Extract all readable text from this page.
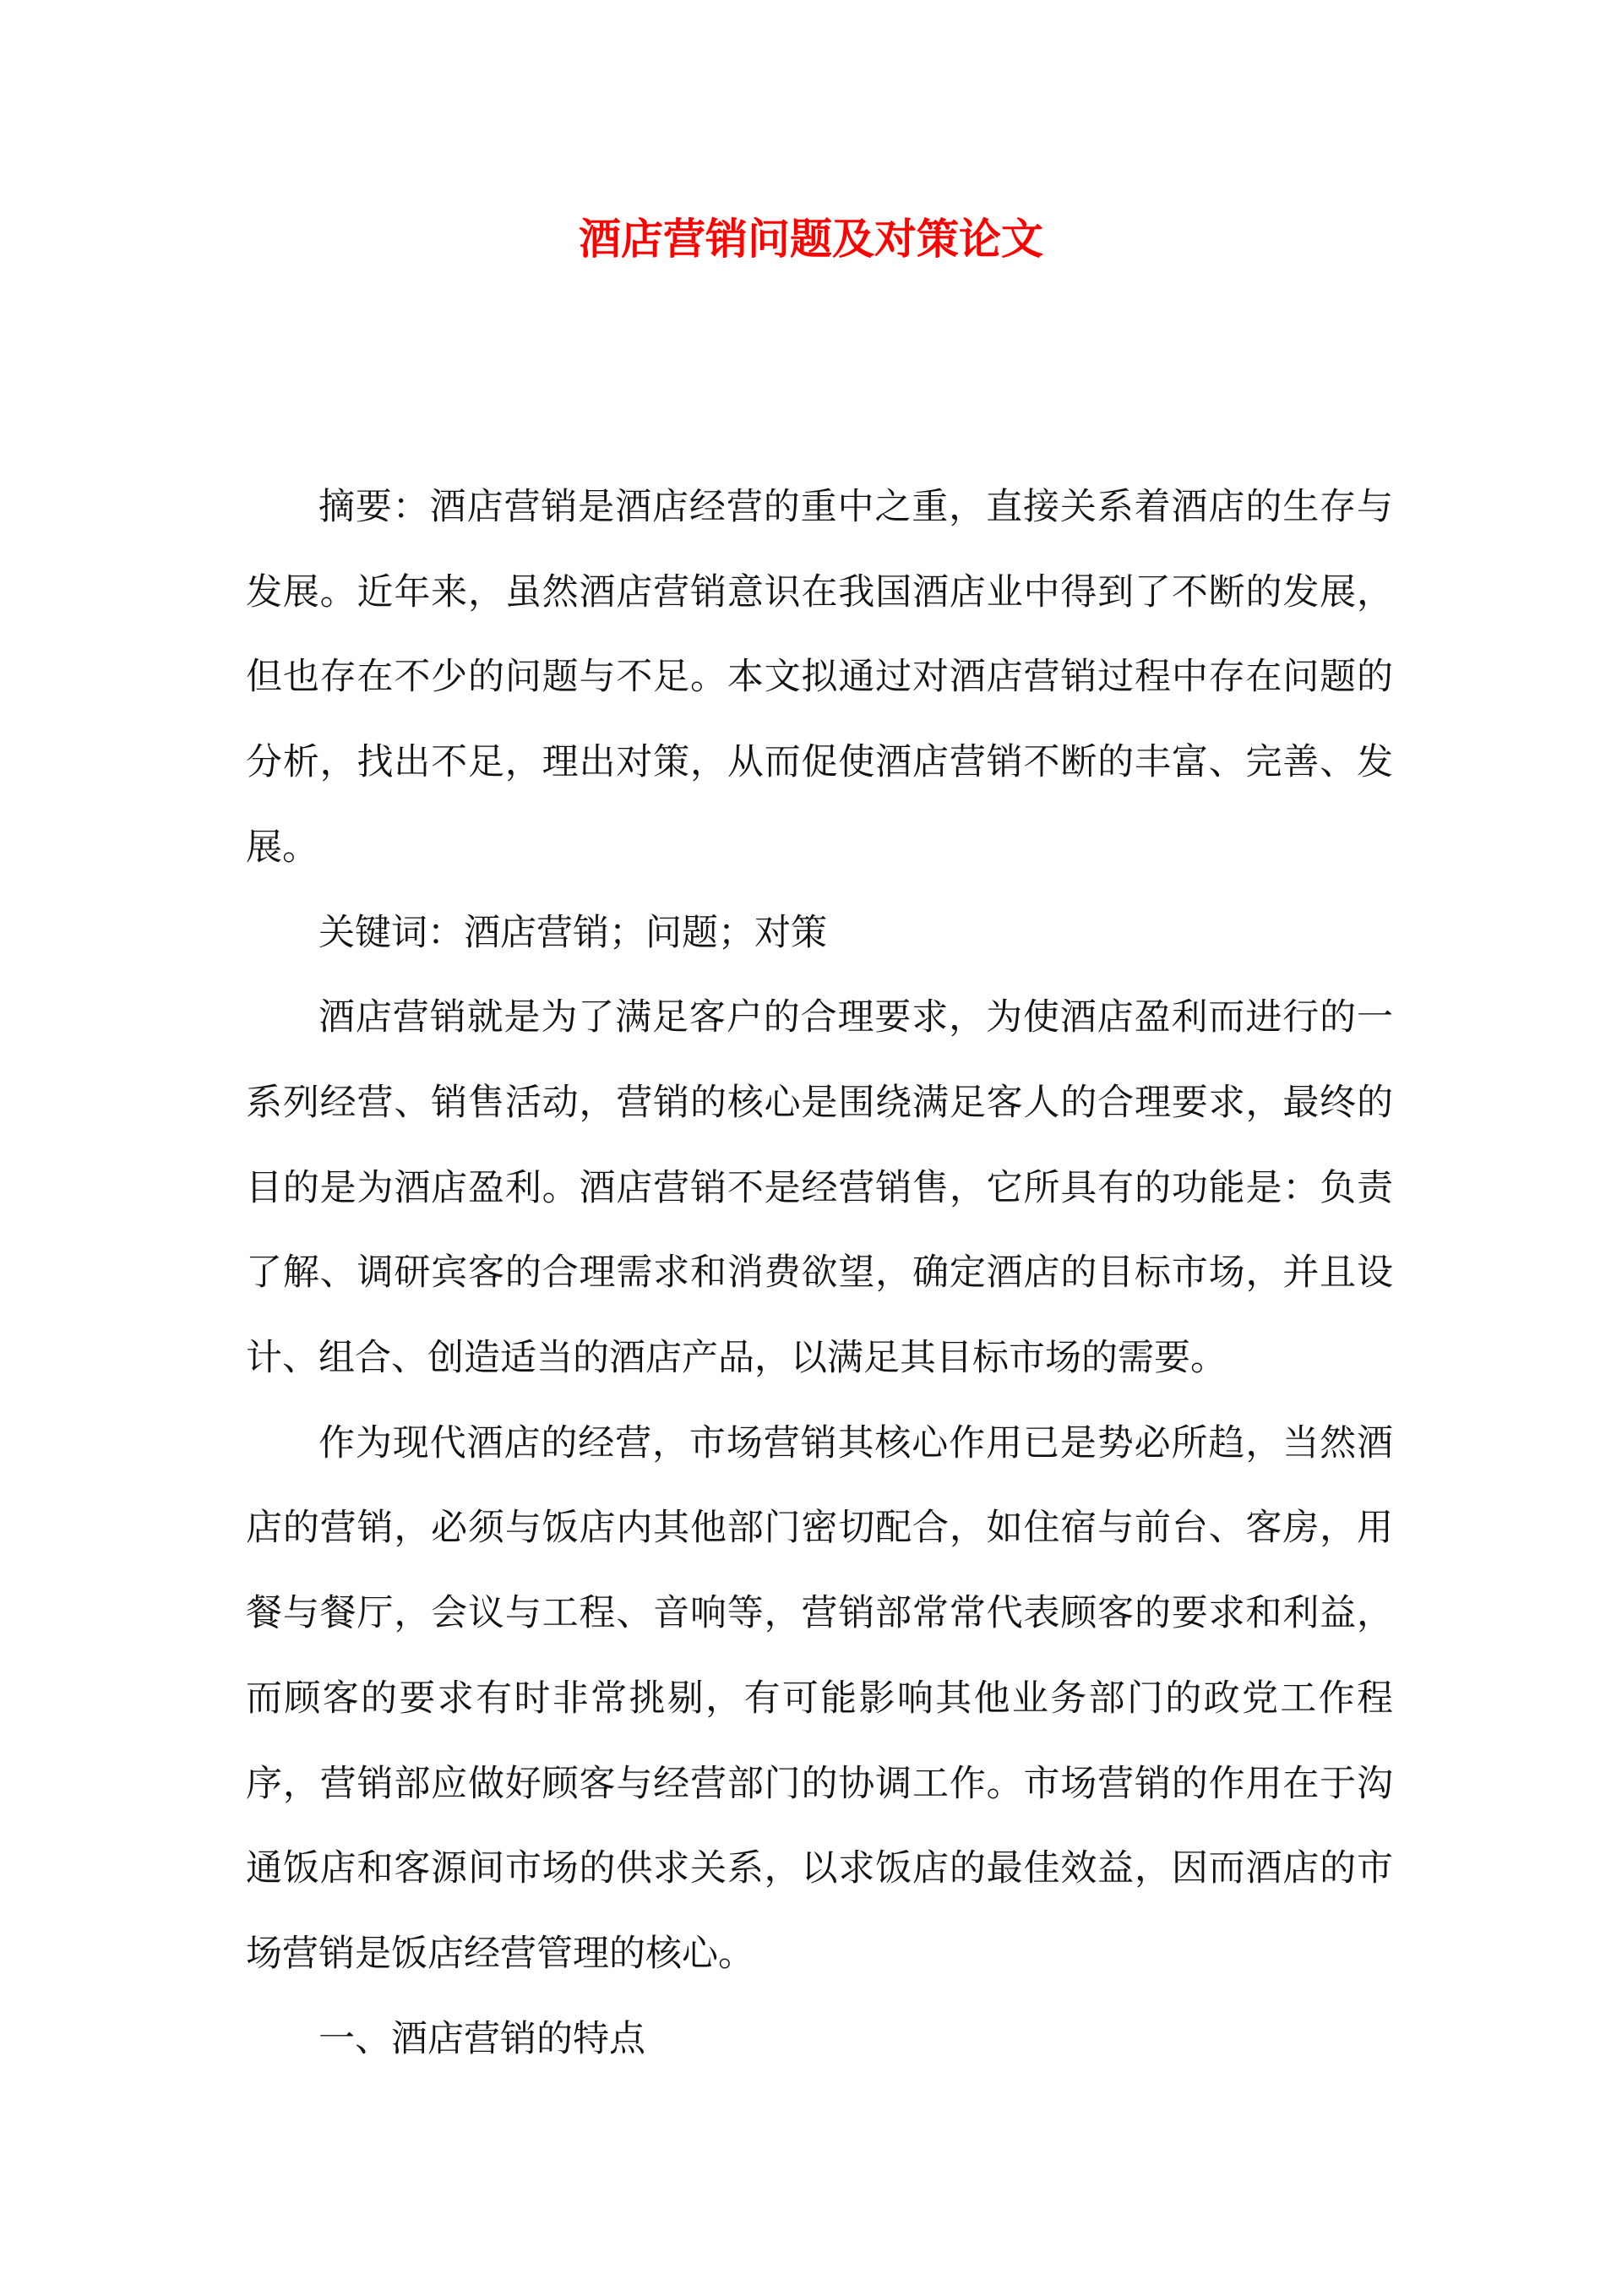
酒店营销问题及对策论文

摘要：酒店营销是酒店经营的重中之重，直接关系着酒店的生存与发展。近年来，虽然酒店营销意识在我国酒店业中得到了不断的发展，但也存在不少的问题与不足。本文拟通过对酒店营销过程中存在问题的分析，找出不足，理出对策，从而促使酒店营销不断的丰富、完善、发展。

关键词：酒店营销；问题；对策

酒店营销就是为了满足客户的合理要求，为使酒店盈利而进行的一系列经营、销售活动，营销的核心是围绕满足客人的合理要求，最终的目的是为酒店盈利。酒店营销不是经营销售，它所具有的功能是：负责了解、调研宾客的合理需求和消费欲望，确定酒店的目标市场，并且设计、组合、创造适当的酒店产品，以满足其目标市场的需要。

作为现代酒店的经营，市场营销其核心作用已是势必所趋，当然酒店的营销，必须与饭店内其他部门密切配合，如住宿与前台、客房，用餐与餐厅，会议与工程、音响等，营销部常常代表顾客的要求和利益，而顾客的要求有时非常挑剔，有可能影响其他业务部门的政党工作程序，营销部应做好顾客与经营部门的协调工作。市场营销的作用在于沟通饭店和客源间市场的供求关系，以求饭店的最佳效益，因而酒店的市场营销是饭店经营管理的核心。

一、酒店营销的特点
